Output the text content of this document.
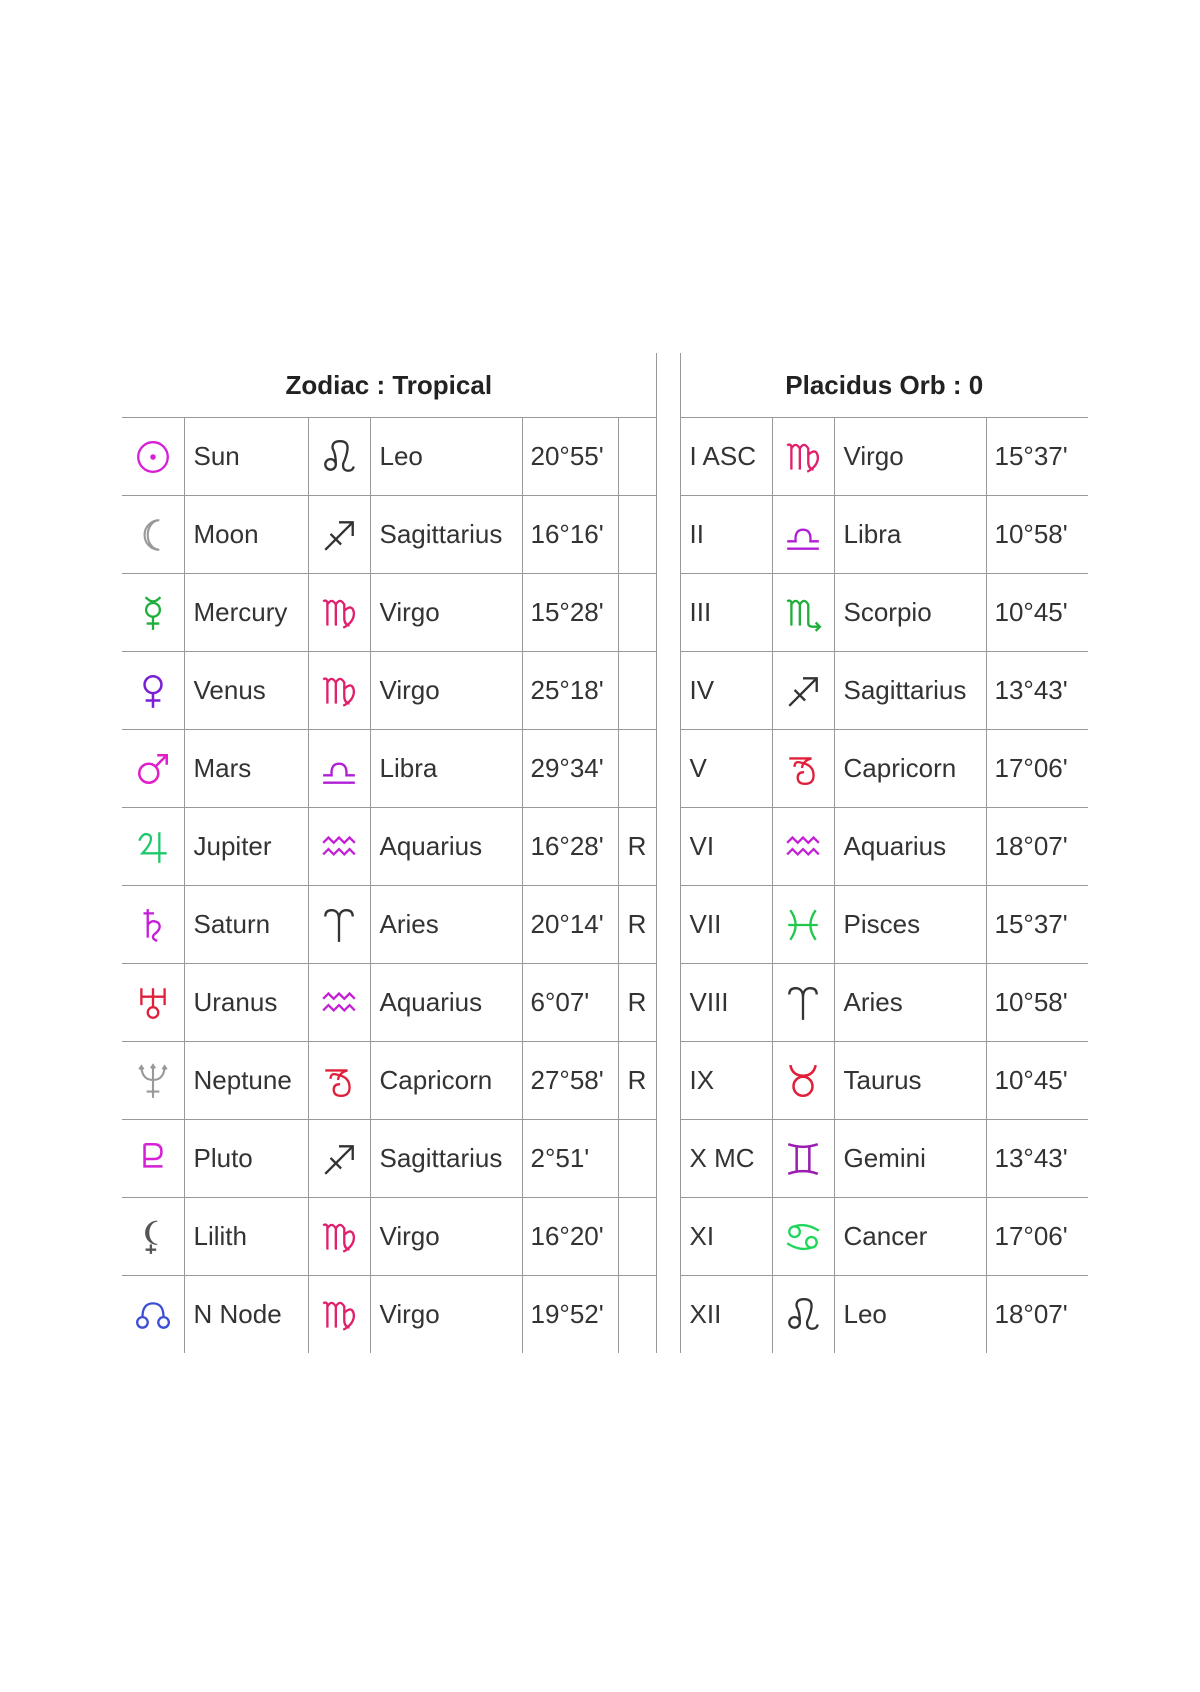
Zodiac : Tropical							Placidus Orb : 0			

	Sun		Leo	20°55'			I ASC		Virgo	15°37'

	Moon		Sagittarius	16°16'			II		Libra	10°58'

	Mercury		Virgo	15°28'			III		Scorpio	10°45'

	Venus		Virgo	25°18'			IV		Sagittarius	13°43'

	Mars		Libra	29°34'			V		Capricorn	17°06'

	Jupiter		Aquarius	16°28'	R		VI		Aquarius	18°07'

	Saturn		Aries	20°14'	R		VII		Pisces	15°37'

	Uranus		Aquarius	6°07'	R		VIII		Aries	10°58'

	Neptune		Capricorn	27°58'	R		IX		Taurus	10°45'

	Pluto		Sagittarius	2°51'			X MC		Gemini	13°43'

	Lilith		Virgo	16°20'			XI		Cancer	17°06'

	N Node		Virgo	19°52'			XII		Leo	18°07'
